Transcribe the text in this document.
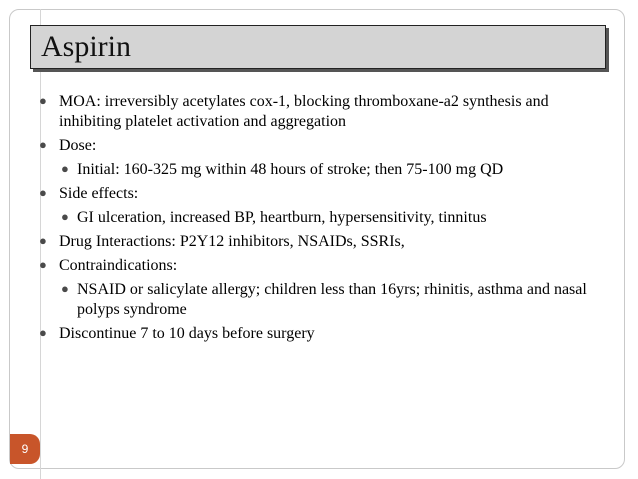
Aspirin
● MOA: irreversibly acetylates cox-1, blocking thromboxane-a2 synthesis and inhibiting platelet activation and aggregation
● Dose:
● Initial: 160-325 mg within 48 hours of stroke; then 75-100 mg QD
● Side effects:
● GI ulceration, increased BP, heartburn, hypersensitivity, tinnitus
● Drug Interactions: P2Y12 inhibitors, NSAIDs, SSRIs,
● Contraindications:
● NSAID or salicylate allergy; children less than 16yrs; rhinitis, asthma and nasal polyps syndrome
● Discontinue 7 to 10 days before surgery
9
